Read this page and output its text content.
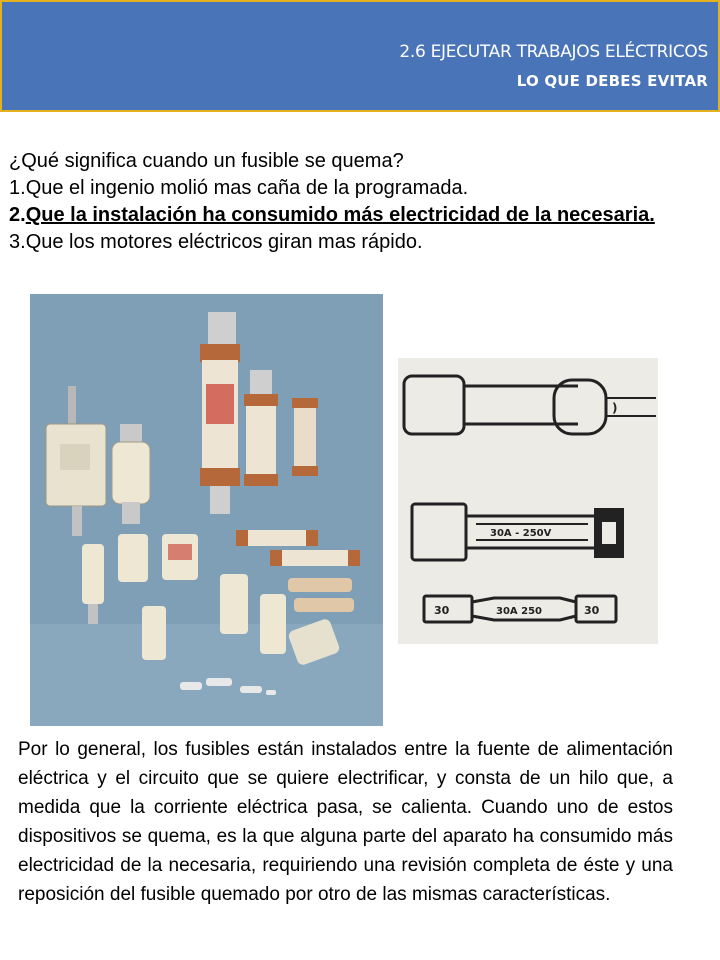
2.6 EJECUTAR TRABAJOS ELÉCTRICOS
LO QUE DEBES EVITAR

¿Qué significa cuando un fusible se quema?

1.Que el ingenio molió mas caña de la programada.

2.Que la instalación ha consumido más electricidad de la necesaria.

3.Que los motores eléctricos giran mas rápido.

)
30A - 250V
30	30A 250	30

Por lo general, los fusibles están instalados entre la fuente de alimentación eléctrica y el circuito que se quiere electrificar, y consta de un hilo que, a medida que la corriente eléctrica pasa, se calienta. Cuando uno de estos dispositivos se quema, es la que alguna parte del aparato ha consumido más electricidad de la necesaria, requiriendo una revisión completa de éste y una reposición del fusible quemado por otro de las mismas características.
